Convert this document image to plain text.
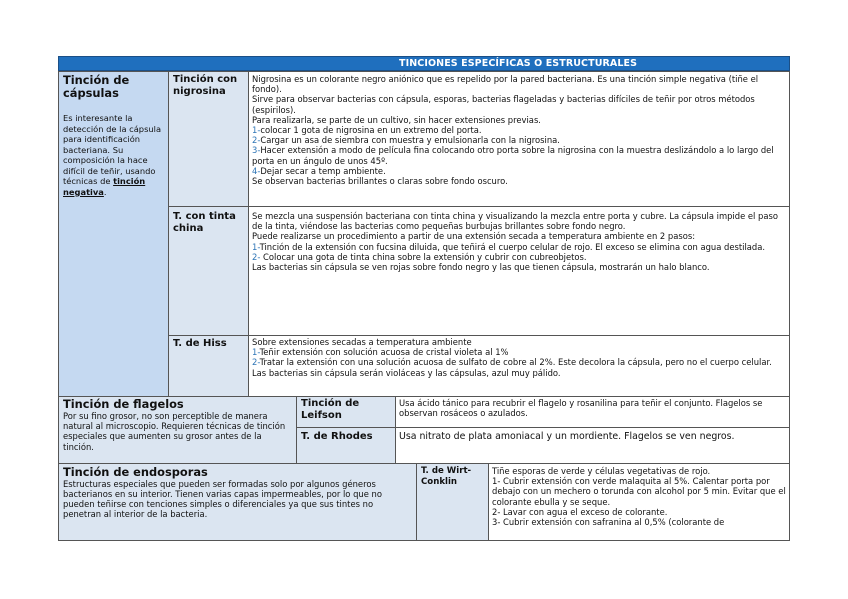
TINCIONES ESPECÍFICAS O ESTRUCTURALES
Tinción de cápsulas

Es interesante la detección de la cápsula para identificación bacteriana. Su composición la hace difícil de teñir, usando técnicas de tinción negativa.

Tinción con nigrosina

Nigrosina es un colorante negro aniónico que es repelido por la pared bacteriana. Es una tinción simple negativa (tiñe el fondo).

Sirve para observar bacterias con cápsula, esporas, bacterias flageladas y bacterias difíciles de teñir por otros métodos (espirilos).

Para realizarla, se parte de un cultivo, sin hacer extensiones previas.

1-colocar 1 gota de nigrosina en un extremo del porta.

2-Cargar un asa de siembra con muestra y emulsionarla con la nigrosina.

3-Hacer extensión a modo de película fina colocando otro porta sobre la nigrosina con la muestra deslizándolo a lo largo del porta en un ángulo de unos 45º.

4-Dejar secar a temp ambiente.

Se observan bacterias brillantes o claras sobre fondo oscuro.

T. con tinta china

Se mezcla una suspensión bacteriana con tinta china y visualizando la mezcla entre porta y cubre. La cápsula impide el paso de la tinta, viéndose las bacterias como pequeñas burbujas brillantes sobre fondo negro.

Puede realizarse un procedimiento a partir de una extensión secada a temperatura ambiente en 2 pasos:

1-Tinción de la extensión con fucsina diluida, que teñirá el cuerpo celular de rojo. El exceso se elimina con agua destilada.

2- Colocar una gota de tinta china sobre la extensión y cubrir con cubreobjetos.

Las bacterias sin cápsula se ven rojas sobre fondo negro y las que tienen cápsula, mostrarán un halo blanco.

T. de Hiss	Sobre extensiones secadas a temperatura ambiente

1-Teñir extensión con solución acuosa de cristal violeta al 1%

2-Tratar la extensión con una solución acuosa de sulfato de cobre al 2%. Este decolora la cápsula, pero no el cuerpo celular.

Las bacterias sin cápsula serán violáceas y las cápsulas, azul muy pálido.

Tinción de flagelos

Por su fino grosor, no son perceptible de manera natural al microscopio. Requieren técnicas de tinción especiales que aumenten su grosor antes de la tinción.

Tinción de Leifson

Usa ácido tánico para recubrir el flagelo y rosanilina para teñir el conjunto. Flagelos se observan rosáceos o azulados.

T. de Rhodes	Usa nitrato de plata amoniacal y un mordiente. Flagelos se ven negros.

Tinción de endosporas

Estructuras especiales que pueden ser formadas solo por algunos géneros bacterianos en su interior. Tienen varias capas impermeables, por lo que no pueden teñirse con tenciones simples o diferenciales ya que sus tintes no penetran al interior de la bacteria.

T. de Wirt-Conklin

Tiñe esporas de verde y células vegetativas de rojo.

1- Cubrir extensión con verde malaquita al 5%. Calentar porta por debajo con un mechero o torunda con alcohol por 5 min. Evitar que el colorante ebulla y se seque.

2- Lavar con agua el exceso de colorante.

3- Cubrir extensión con safranina al 0,5% (colorante de
